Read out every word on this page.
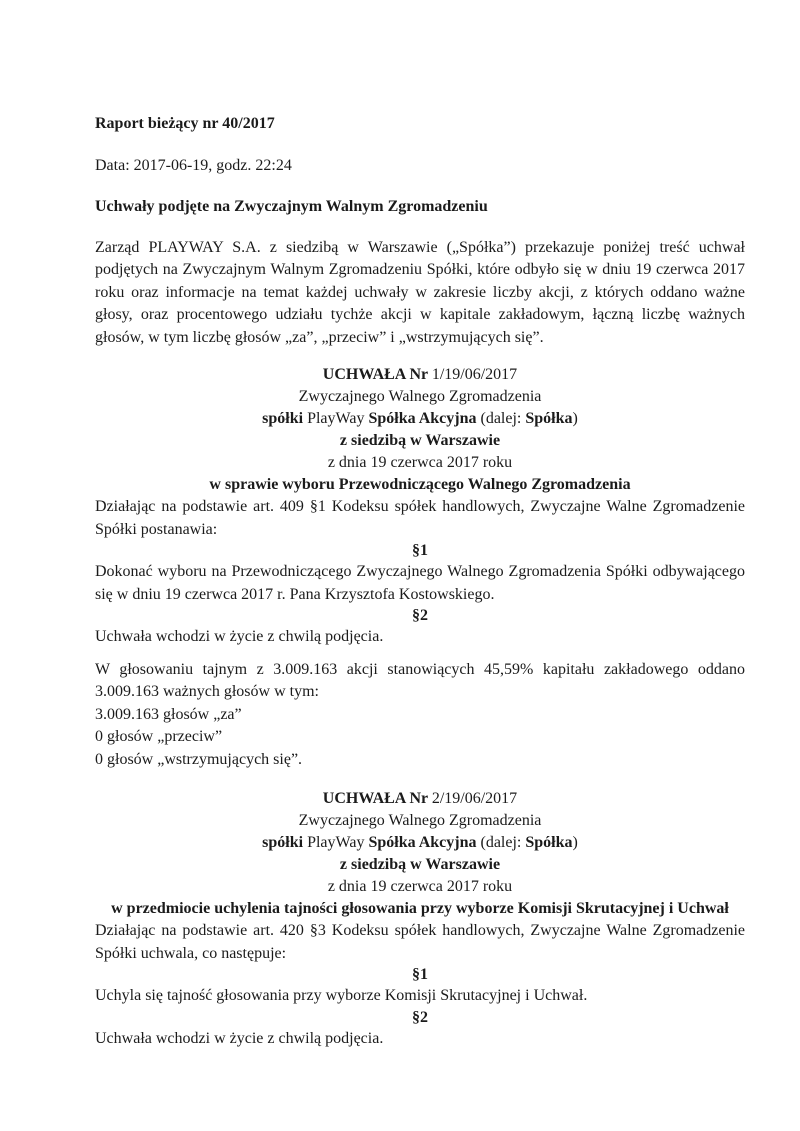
Raport bieżący nr 40/2017

Data: 2017-06-19, godz. 22:24

Uchwały podjęte na Zwyczajnym Walnym Zgromadzeniu

Zarząd PLAYWAY S.A. z siedzibą w Warszawie („Spółka”) przekazuje poniżej treść uchwał podjętych na Zwyczajnym Walnym Zgromadzeniu Spółki, które odbyło się w dniu 19 czerwca 2017 roku oraz informacje na temat każdej uchwały w zakresie liczby akcji, z których oddano ważne głosy, oraz procentowego udziału tychże akcji w kapitale zakładowym, łączną liczbę ważnych głosów, w tym liczbę głosów „za”, „przeciw” i „wstrzymujących się”.

UCHWAŁA Nr 1/19/06/2017

Zwyczajnego Walnego Zgromadzenia

spółki PlayWay Spółka Akcyjna (dalej: Spółka)

z siedzibą w Warszawie

z dnia 19 czerwca 2017 roku

w sprawie wyboru Przewodniczącego Walnego Zgromadzenia

Działając na podstawie art. 409 §1 Kodeksu spółek handlowych, Zwyczajne Walne Zgromadzenie Spółki postanawia:

§1

Dokonać wyboru na Przewodniczącego Zwyczajnego Walnego Zgromadzenia Spółki odbywającego się w dniu 19 czerwca 2017 r. Pana Krzysztofa Kostowskiego.

§2

Uchwała wchodzi w życie z chwilą podjęcia.

W głosowaniu tajnym z 3.009.163 akcji stanowiących 45,59% kapitału zakładowego oddano 3.009.163 ważnych głosów w tym:

3.009.163 głosów „za”

0 głosów „przeciw”

0 głosów „wstrzymujących się”.

UCHWAŁA Nr 2/19/06/2017

Zwyczajnego Walnego Zgromadzenia

spółki PlayWay Spółka Akcyjna (dalej: Spółka)

z siedzibą w Warszawie

z dnia 19 czerwca 2017 roku

w przedmiocie uchylenia tajności głosowania przy wyborze Komisji Skrutacyjnej i Uchwał

Działając na podstawie art. 420 §3 Kodeksu spółek handlowych, Zwyczajne Walne Zgromadzenie Spółki uchwala, co następuje:

§1

Uchyla się tajność głosowania przy wyborze Komisji Skrutacyjnej i Uchwał.

§2

Uchwała wchodzi w życie z chwilą podjęcia.
